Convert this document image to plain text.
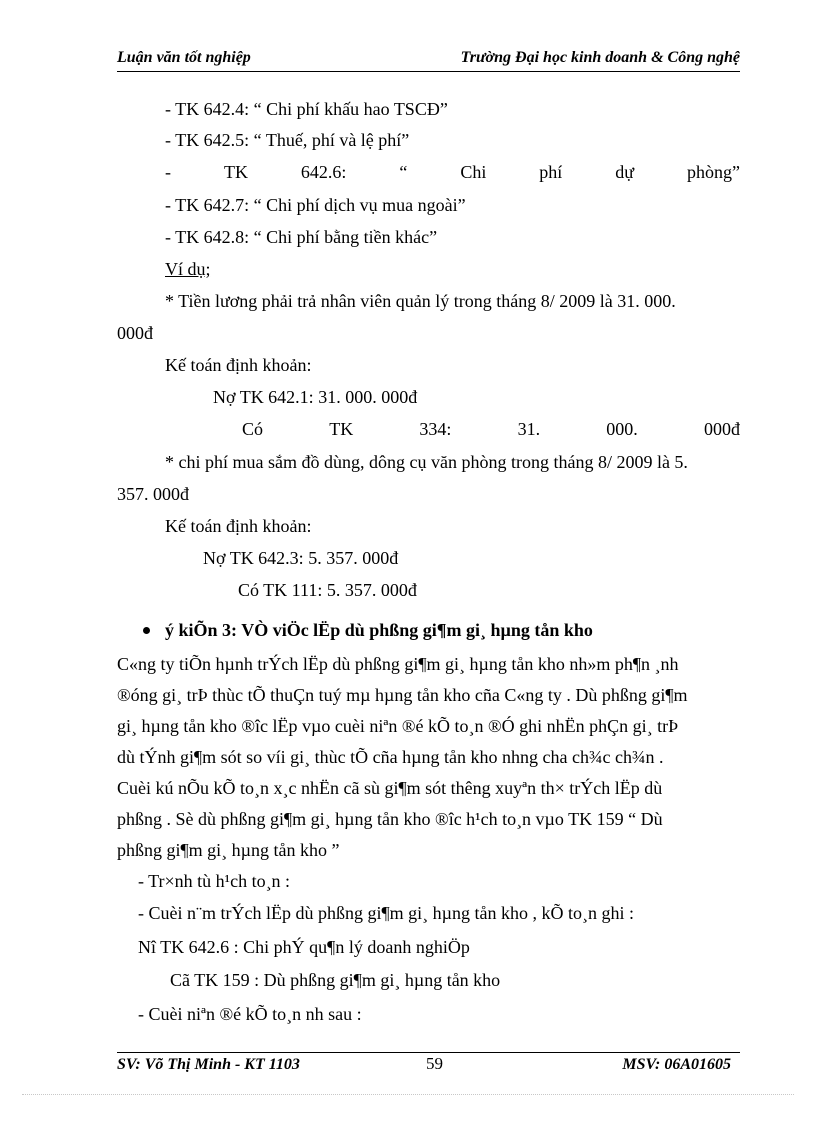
Luận văn tốt nghiệp	Trường Đại học kinh doanh & Công nghệ
- TK 642.4: “ Chi phí khấu hao TSCĐ”
- TK 642.5: “ Thuế, phí và lệ phí”
-	TK	642.6:	“	Chi	phí	dự	phòng”
- TK 642.7: “ Chi phí dịch vụ mua ngoài”
- TK 642.8: “ Chi phí bằng tiền khác”
Ví dụ;
* Tiền lương phải trả nhân viên quản lý trong tháng 8/ 2009 là 31. 000.
000đ
Kế toán định khoản:
Nợ TK 642.1: 31. 000. 000đ
Có	TK	334:	31.	000.	000đ
* chi phí mua sắm đồ dùng, dông cụ văn phòng trong tháng 8/ 2009 là 5.
357. 000đ
Kế toán định khoản:
Nợ TK 642.3: 5. 357. 000đ
Có TK 111: 5. 357. 000đ
ý kiÕn 3: VÒ viÖc lËp dù phßng gi¶m gi¸ hµng tån kho
C«ng ty tiÕn hµnh trÝch lËp dù phßng gi¶m gi¸ hµng tån kho nh»m ph¶n ¸nh
®óng gi¸ trÞ thùc tÕ thuÇn tuý mµ hµng tån kho cña C«ng ty . Dù phßng gi¶m
gi¸ hµng tån kho ®îc lËp vµo cuèi niªn ®é kÕ to¸n ®Ó ghi nhËn phÇn gi¸ trÞ
dù tÝnh gi¶m sót so víi gi¸ thùc tÕ cña hµng tån kho nhng cha ch¾c ch¾n .
Cuèi kú nÕu kÕ to¸n x¸c nhËn cã sù gi¶m sót thêng xuyªn th× trÝch lËp dù
phßng . Sè dù phßng gi¶m gi¸ hµng tån kho ®îc h¹ch to¸n vµo TK 159 “ Dù
phßng gi¶m gi¸ hµng tån kho ”
- Tr×nh tù h¹ch to¸n :
- Cuèi n¨m trÝch lËp dù phßng gi¶m gi¸ hµng tån kho , kÕ to¸n ghi :
Nî TK 642.6 : Chi phÝ qu¶n lý doanh nghiÖp
Cã TK 159 : Dù phßng gi¶m gi¸ hµng tån kho
- Cuèi niªn ®é kÕ to¸n nh sau :
SV: Võ Thị Minh - KT 1103	59	MSV: 06A01605
